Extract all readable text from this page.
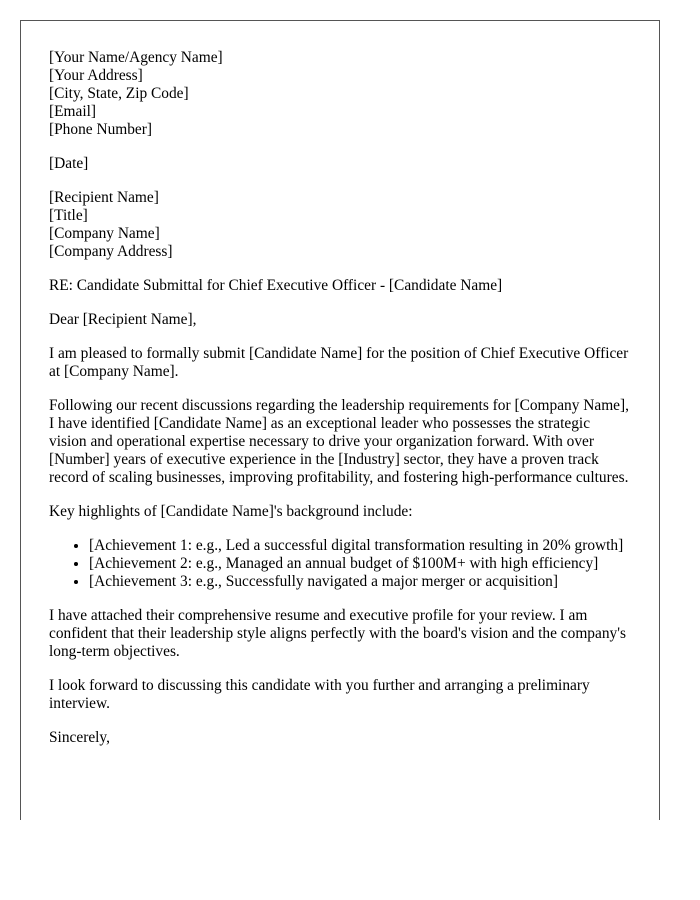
[Your Name/Agency Name]

[Your Address]

[City, State, Zip Code]

[Email]

[Phone Number]

[Date]

[Recipient Name]

[Title]

[Company Name]

[Company Address]

RE: Candidate Submittal for Chief Executive Officer - [Candidate Name]

Dear [Recipient Name],

I am pleased to formally submit [Candidate Name] for the position of Chief Executive Officer at [Company Name].

Following our recent discussions regarding the leadership requirements for [Company Name], I have identified [Candidate Name] as an exceptional leader who possesses the strategic vision and operational expertise necessary to drive your organization forward. With over [Number] years of executive experience in the [Industry] sector, they have a proven track record of scaling businesses, improving profitability, and fostering high-performance cultures.

Key highlights of [Candidate Name]'s background include:

• [Achievement 1: e.g., Led a successful digital transformation resulting in 20% growth]
• [Achievement 2: e.g., Managed an annual budget of $100M+ with high efficiency]
• [Achievement 3: e.g., Successfully navigated a major merger or acquisition]

I have attached their comprehensive resume and executive profile for your review. I am confident that their leadership style aligns perfectly with the board's vision and the company's long-term objectives.

I look forward to discussing this candidate with you further and arranging a preliminary interview.

Sincerely,
